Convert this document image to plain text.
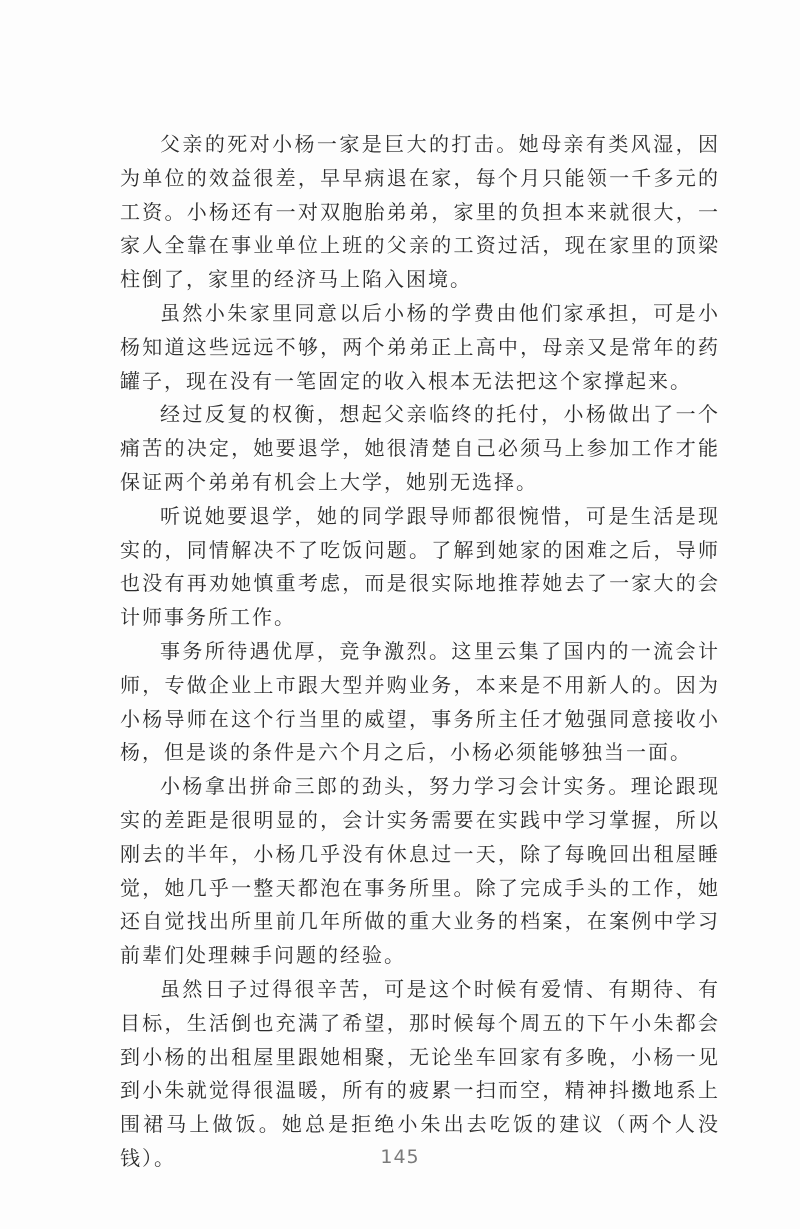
父亲的死对小杨一家是巨大的打击。她母亲有类风湿，因为单位的效益很差，早早病退在家，每个月只能领一千多元的工资。小杨还有一对双胞胎弟弟，家里的负担本来就很大，一家人全靠在事业单位上班的父亲的工资过活，现在家里的顶梁柱倒了，家里的经济马上陷入困境。

虽然小朱家里同意以后小杨的学费由他们家承担，可是小杨知道这些远远不够，两个弟弟正上高中，母亲又是常年的药罐子，现在没有一笔固定的收入根本无法把这个家撑起来。

经过反复的权衡，想起父亲临终的托付，小杨做出了一个痛苦的决定，她要退学，她很清楚自己必须马上参加工作才能保证两个弟弟有机会上大学，她别无选择。

听说她要退学，她的同学跟导师都很惋惜，可是生活是现实的，同情解决不了吃饭问题。了解到她家的困难之后，导师也没有再劝她慎重考虑，而是很实际地推荐她去了一家大的会计师事务所工作。

事务所待遇优厚，竞争激烈。这里云集了国内的一流会计师，专做企业上市跟大型并购业务，本来是不用新人的。因为小杨导师在这个行当里的威望，事务所主任才勉强同意接收小杨，但是谈的条件是六个月之后，小杨必须能够独当一面。

小杨拿出拼命三郎的劲头，努力学习会计实务。理论跟现实的差距是很明显的，会计实务需要在实践中学习掌握，所以刚去的半年，小杨几乎没有休息过一天，除了每晚回出租屋睡觉，她几乎一整天都泡在事务所里。除了完成手头的工作，她还自觉找出所里前几年所做的重大业务的档案，在案例中学习前辈们处理棘手问题的经验。

虽然日子过得很辛苦，可是这个时候有爱情、有期待、有目标，生活倒也充满了希望，那时候每个周五的下午小朱都会到小杨的出租屋里跟她相聚，无论坐车回家有多晚，小杨一见到小朱就觉得很温暖，所有的疲累一扫而空，精神抖擞地系上围裙马上做饭。她总是拒绝小朱出去吃饭的建议（两个人没钱）。	145
